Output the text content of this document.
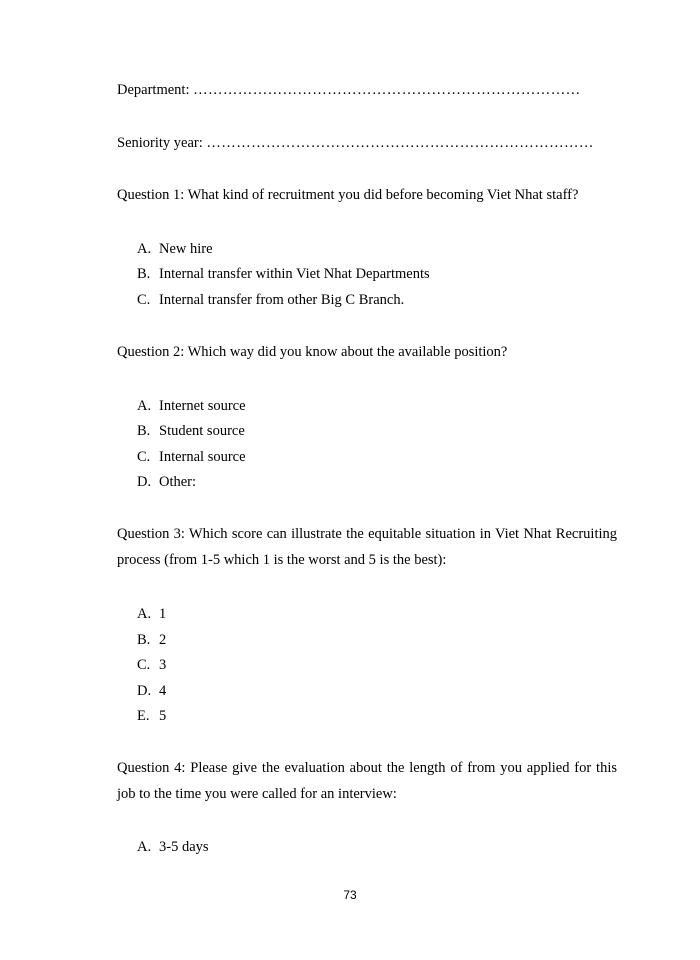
Department: ……………………………………………………………………
Seniority year: ……………………………………………………………………
Question 1: What kind of recruitment you did before becoming Viet Nhat staff?
A. New hire
B. Internal transfer within Viet Nhat Departments
C. Internal transfer from other Big C Branch.
Question 2: Which way did you know about the available position?
A. Internet source
B. Student source
C. Internal source
D. Other:
Question 3: Which score can illustrate the equitable situation in Viet Nhat Recruiting process (from 1-5 which 1 is the worst and 5 is the best):
A. 1
B. 2
C. 3
D. 4
E. 5
Question 4: Please give the evaluation about the length of from you applied for this job to the time you were called for an interview:
A. 3-5 days
73
